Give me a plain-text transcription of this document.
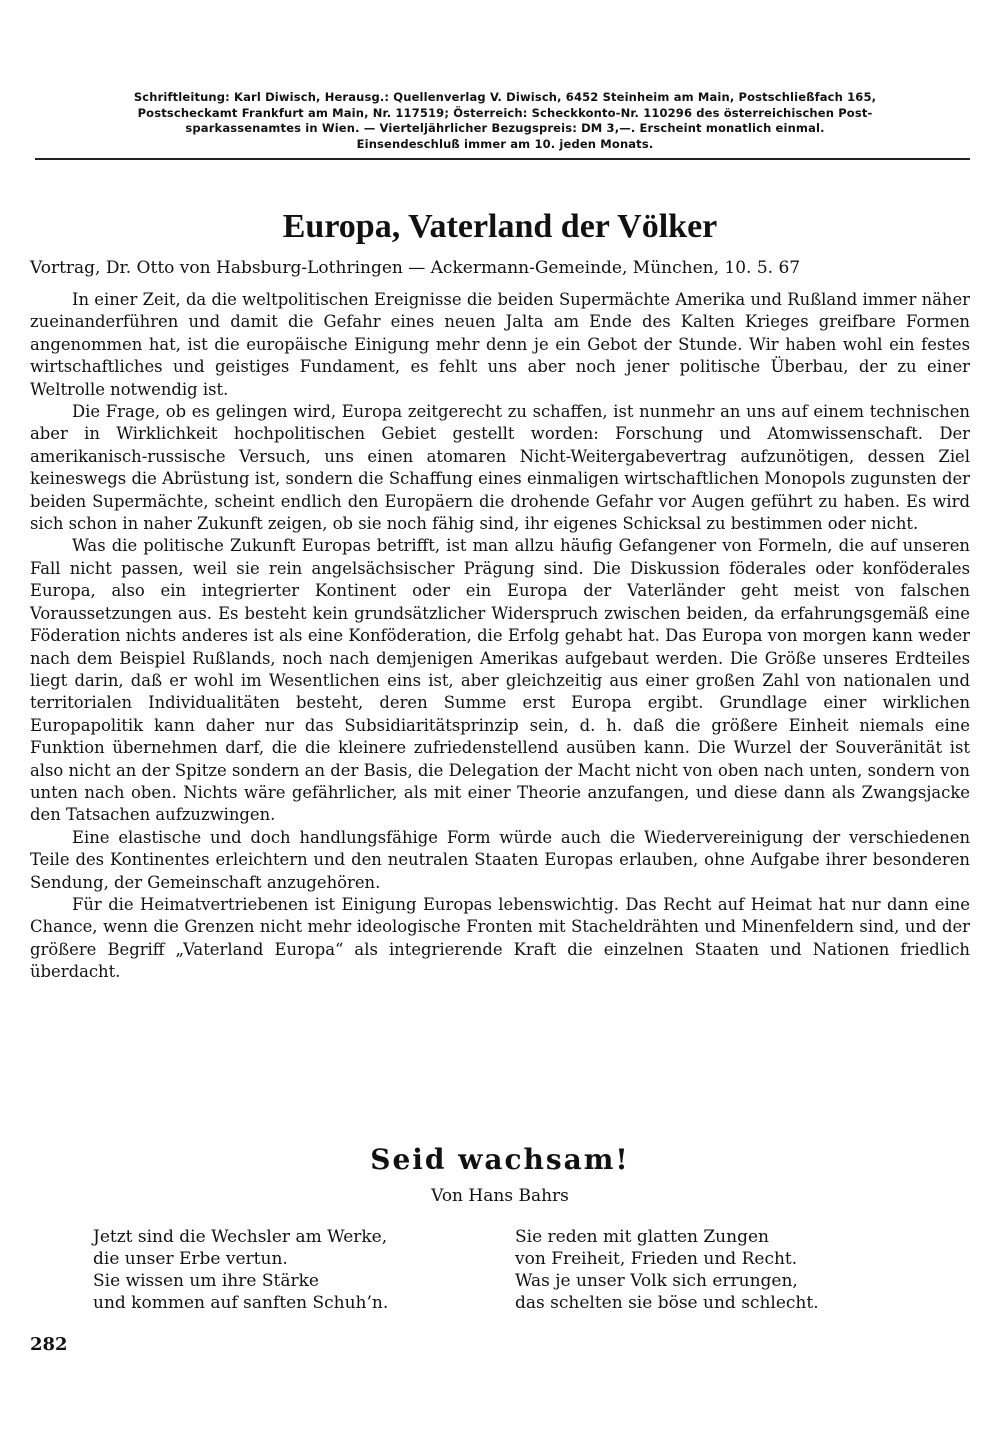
Schriftleitung: Karl Diwisch, Herausg.: Quellenverlag V. Diwisch, 6452 Steinheim am Main, Postschließfach 165,
Postscheckamt Frankfurt am Main, Nr. 117519; Österreich: Scheckkonto-Nr. 110296 des österreichischen Post-
sparkassenamtes in Wien. — Vierteljährlicher Bezugspreis: DM 3,—. Erscheint monatlich einmal.
Einsendeschluß immer am 10. jeden Monats.
Europa, Vaterland der Völker
Vortrag, Dr. Otto von Habsburg-Lothringen — Ackermann-Gemeinde, München, 10. 5. 67

In einer Zeit, da die weltpolitischen Ereignisse die beiden Supermächte Amerika und Rußland immer näher zueinanderführen und damit die Gefahr eines neuen Jalta am Ende des Kalten Krieges greifbare Formen angenommen hat, ist die europäische Einigung mehr denn je ein Gebot der Stunde. Wir haben wohl ein festes wirtschaftliches und geistiges Fundament, es fehlt uns aber noch jener politische Überbau, der zu einer Weltrolle notwendig ist.

Die Frage, ob es gelingen wird, Europa zeitgerecht zu schaffen, ist nunmehr an uns auf einem technischen aber in Wirklichkeit hochpolitischen Gebiet gestellt worden: Forschung und Atomwissenschaft. Der amerikanisch-russische Versuch, uns einen atomaren Nicht-Weitergabevertrag aufzunötigen, dessen Ziel keineswegs die Abrüstung ist, sondern die Schaffung eines einmaligen wirtschaftlichen Monopols zugunsten der beiden Supermächte, scheint endlich den Europäern die drohende Gefahr vor Augen geführt zu haben. Es wird sich schon in naher Zukunft zeigen, ob sie noch fähig sind, ihr eigenes Schicksal zu bestimmen oder nicht.

Was die politische Zukunft Europas betrifft, ist man allzu häufig Gefangener von Formeln, die auf unseren Fall nicht passen, weil sie rein angelsächsischer Prägung sind. Die Diskussion föderales oder konföderales Europa, also ein integrierter Kontinent oder ein Europa der Vaterländer geht meist von falschen Voraussetzungen aus. Es besteht kein grundsätzlicher Widerspruch zwischen beiden, da erfahrungsgemäß eine Föderation nichts anderes ist als eine Konföderation, die Erfolg gehabt hat. Das Europa von morgen kann weder nach dem Beispiel Rußlands, noch nach demjenigen Amerikas aufgebaut werden. Die Größe unseres Erdteiles liegt darin, daß er wohl im Wesentlichen eins ist, aber gleichzeitig aus einer großen Zahl von nationalen und territorialen Individualitäten besteht, deren Summe erst Europa ergibt. Grundlage einer wirklichen Europapolitik kann daher nur das Subsidiaritätsprinzip sein, d. h. daß die größere Einheit niemals eine Funktion übernehmen darf, die die kleinere zufriedenstellend ausüben kann. Die Wurzel der Souveränität ist also nicht an der Spitze sondern an der Basis, die Delegation der Macht nicht von oben nach unten, sondern von unten nach oben. Nichts wäre gefährlicher, als mit einer Theorie anzufangen, und diese dann als Zwangsjacke den Tatsachen aufzuzwingen.

Eine elastische und doch handlungsfähige Form würde auch die Wiedervereinigung der verschiedenen Teile des Kontinentes erleichtern und den neutralen Staaten Europas erlauben, ohne Aufgabe ihrer besonderen Sendung, der Gemeinschaft anzugehören.

Für die Heimatvertriebenen ist Einigung Europas lebenswichtig. Das Recht auf Heimat hat nur dann eine Chance, wenn die Grenzen nicht mehr ideologische Fronten mit Stacheldrähten und Minenfeldern sind, und der größere Begriff „Vaterland Europa“ als integrierende Kraft die einzelnen Staaten und Nationen friedlich überdacht.

Seid wachsam!
Von Hans Bahrs
Jetzt sind die Wechsler am Werke,
die unser Erbe vertun.
Sie wissen um ihre Stärke
und kommen auf sanften Schuh’n.
Sie reden mit glatten Zungen
von Freiheit, Frieden und Recht.
Was je unser Volk sich errungen,
das schelten sie böse und schlecht.
282
